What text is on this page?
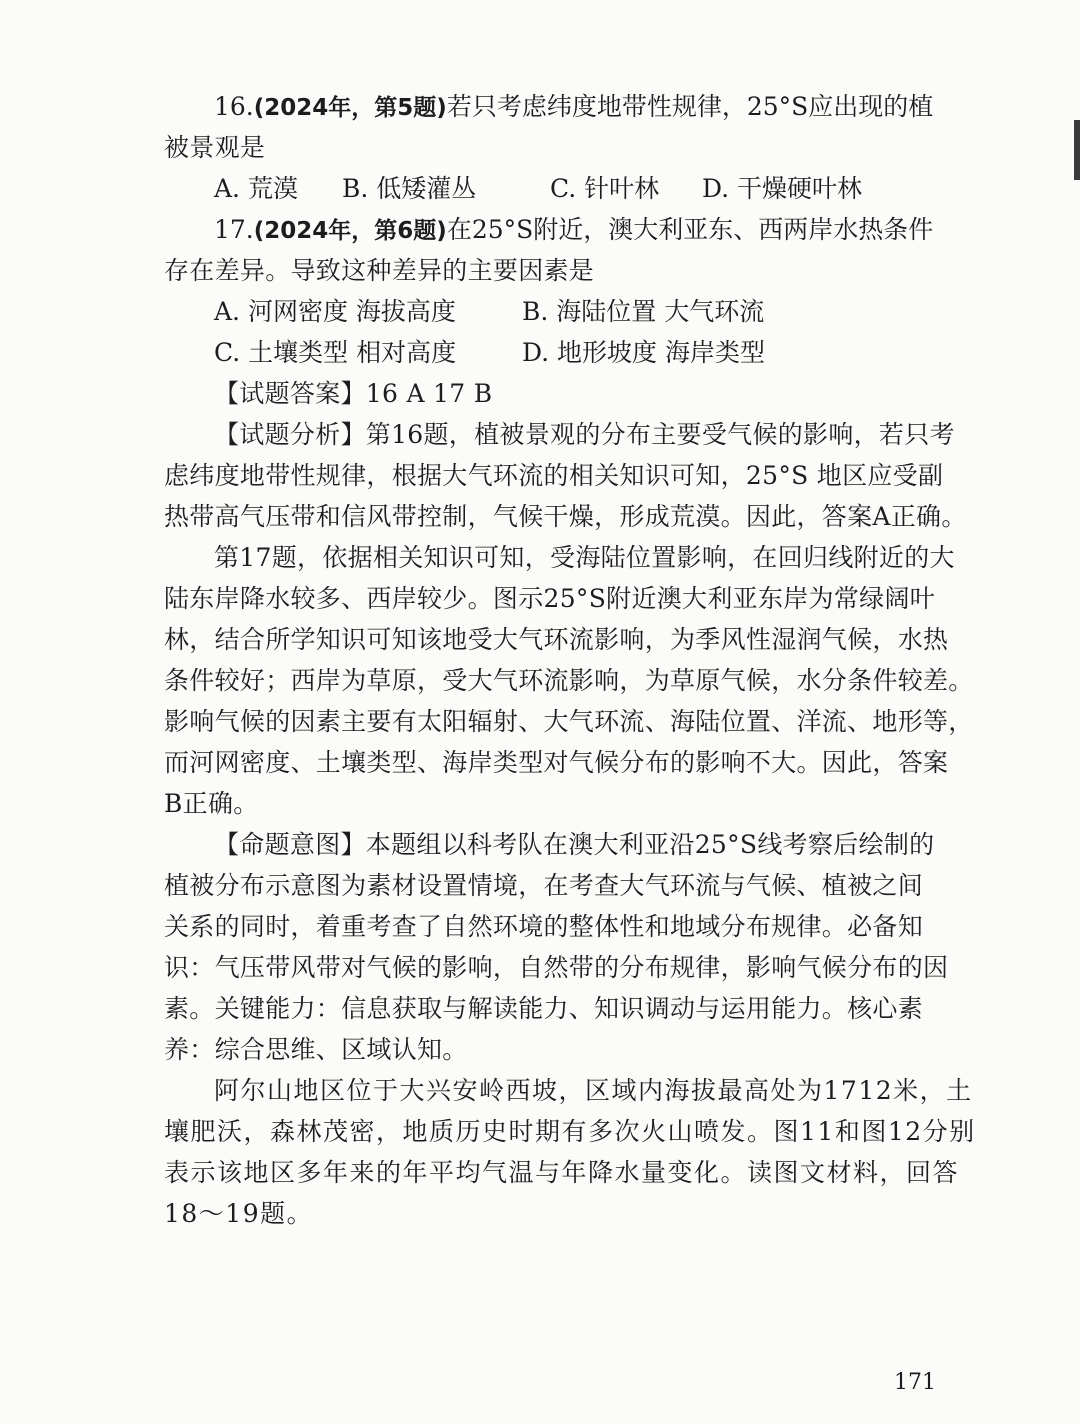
16.(2024年，第5题)若只考虑纬度地带性规律，25°S应出现的植
被景观是
A. 荒漠 B. 低矮灌丛	C. 针叶林 D. 干燥硬叶林
17.(2024年，第6题)在25°S附近，澳大利亚东、西两岸水热条件
存在差异。导致这种差异的主要因素是
A. 河网密度 海拔高度	B. 海陆位置 大气环流
C. 土壤类型 相对高度	D. 地形坡度 海岸类型
【试题答案】16 A 17 B
【试题分析】第16题，植被景观的分布主要受气候的影响，若只考
虑纬度地带性规律，根据大气环流的相关知识可知，25°S 地区应受副
热带高气压带和信风带控制，气候干燥，形成荒漠。因此，答案A正确。
第17题，依据相关知识可知，受海陆位置影响，在回归线附近的大
陆东岸降水较多、西岸较少。图示25°S附近澳大利亚东岸为常绿阔叶
林，结合所学知识可知该地受大气环流影响，为季风性湿润气候，水热
条件较好；西岸为草原，受大气环流影响，为草原气候，水分条件较差。
影响气候的因素主要有太阳辐射、大气环流、海陆位置、洋流、地形等，
而河网密度、土壤类型、海岸类型对气候分布的影响不大。因此，答案
B正确。
【命题意图】本题组以科考队在澳大利亚沿25°S线考察后绘制的
植被分布示意图为素材设置情境，在考查大气环流与气候、植被之间
关系的同时，着重考查了自然环境的整体性和地域分布规律。必备知
识：气压带风带对气候的影响，自然带的分布规律，影响气候分布的因
素。关键能力：信息获取与解读能力、知识调动与运用能力。核心素
养：综合思维、区域认知。
阿尔山地区位于大兴安岭西坡，区域内海拔最高处为1712米，土
壤肥沃，森林茂密，地质历史时期有多次火山喷发。图11和图12分别
表示该地区多年来的年平均气温与年降水量变化。读图文材料，回答
18～19题。
171
